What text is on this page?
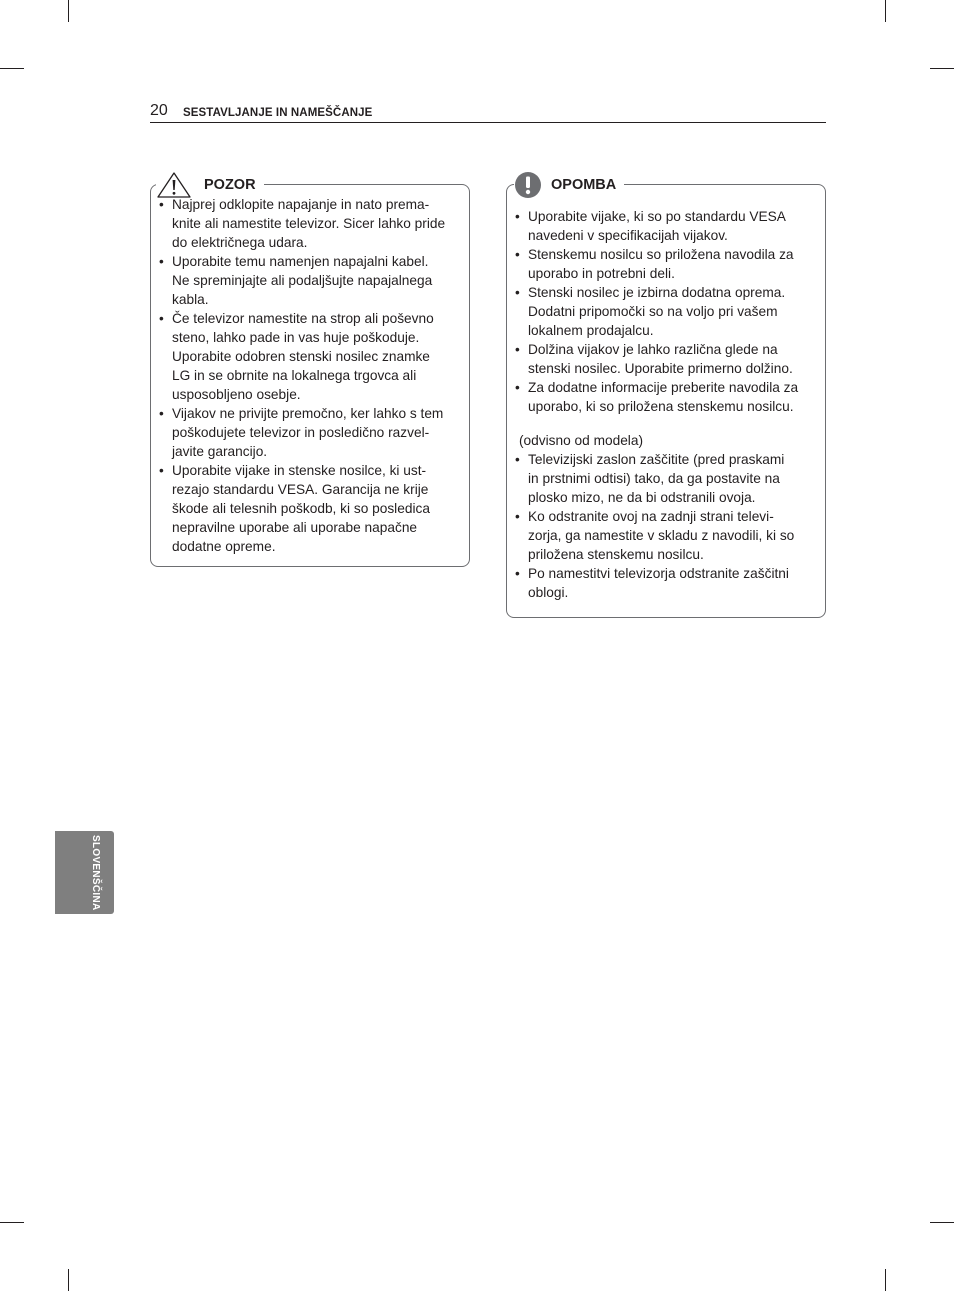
20 SESTAVLJANJE IN NAMEŠČANJE
POZOR
• Najprej odklopite napajanje in nato prema-
knite ali namestite televizor. Sicer lahko pride
do električnega udara.
• Uporabite temu namenjen napajalni kabel.
Ne spreminjajte ali podaljšujte napajalnega
kabla.
• Če televizor namestite na strop ali poševno
steno, lahko pade in vas huje poškoduje.
Uporabite odobren stenski nosilec znamke
LG in se obrnite na lokalnega trgovca ali
usposobljeno osebje.
• Vijakov ne privijte premočno, ker lahko s tem
poškodujete televizor in posledično razvel-
javite garancijo.
• Uporabite vijake in stenske nosilce, ki ust-
rezajo standardu VESA. Garancija ne krije
škode ali telesnih poškodb, ki so posledica
nepravilne uporabe ali uporabe napačne
dodatne opreme.
OPOMBA
• Uporabite vijake, ki so po standardu VESA
navedeni v specifikacijah vijakov.
• Stenskemu nosilcu so priložena navodila za
uporabo in potrebni deli.
• Stenski nosilec je izbirna dodatna oprema.
Dodatni pripomočki so na voljo pri vašem
lokalnem prodajalcu.
• Dolžina vijakov je lahko različna glede na
stenski nosilec. Uporabite primerno dolžino.
• Za dodatne informacije preberite navodila za
uporabo, ki so priložena stenskemu nosilcu.
(odvisno od modela)
• Televizijski zaslon zaščitite (pred praskami
in prstnimi odtisi) tako, da ga postavite na
plosko mizo, ne da bi odstranili ovoja.
• Ko odstranite ovoj na zadnji strani televi-
zorja, ga namestite v skladu z navodili, ki so
priložena stenskemu nosilcu.
• Po namestitvi televizorja odstranite zaščitni
oblogi.
SLOVENŠČINA
